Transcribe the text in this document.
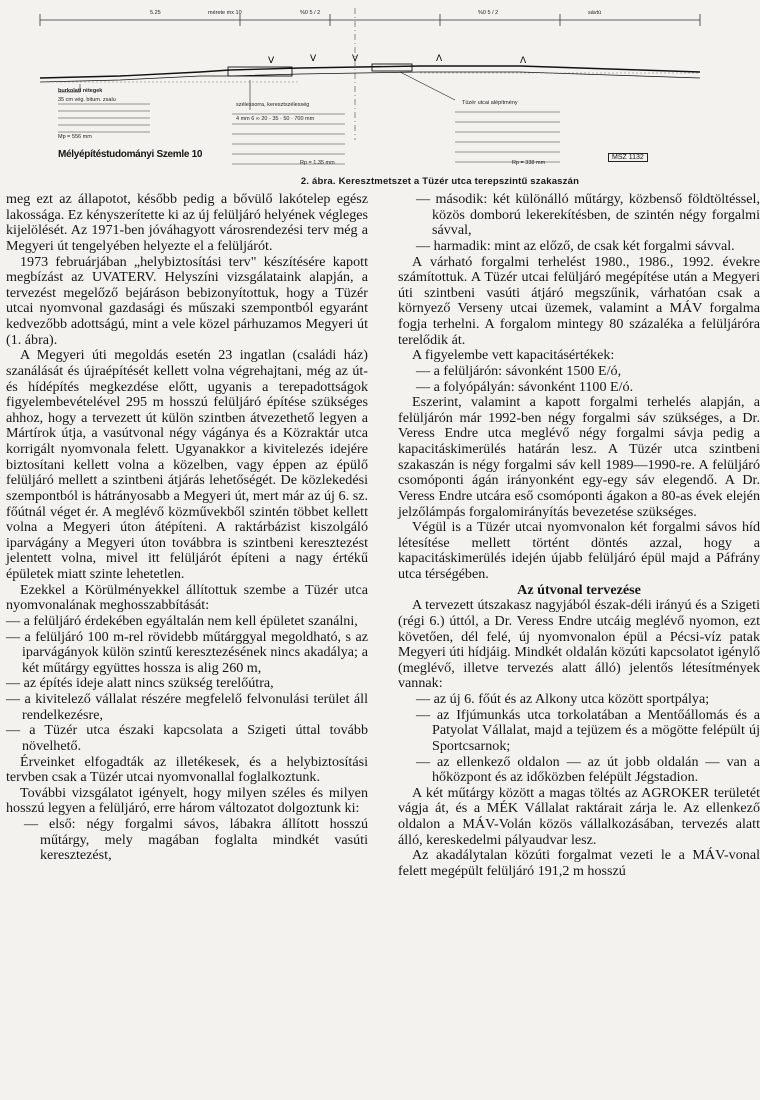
V	V	V	Λ	Λ
5.25	mérete mx 10	%0 5 / 2	%0 5 / 2	sávtú
burkolati rétegek
35 cm vég. bitum. zsalu
szélessorra, keresztszélesség	Tüzér utcai alépítmény
4 mm 6 ∞ 20 - 35 · 50 · 700 mm
Mp = 556 mm
Rp = 1.35 mm	Rp = 338 mm
Mélyépítéstudományi Szemle 10	MSZ 1132
2. ábra. Keresztmetszet a Tüzér utca terepszintű szakaszán

meg ezt az állapotot, később pedig a bővülő lakótelep egész lakossága. Ez kényszerítette ki az új felüljáró helyének végleges kijelölését. Az 1971-ben jóváhagyott városrendezési terv még a Megyeri út tengelyében helyezte el a felüljárót.

1973 februárjában „helybiztosítási terv" készítésére kapott megbízást az UVATERV. Helyszíni vizsgálataink alapján, a tervezést megelőző bejáráson bebizonyítottuk, hogy a Tüzér utcai nyomvonal gazdasági és műszaki szempontból egyaránt kedvezőbb adottságú, mint a vele közel párhuzamos Megyeri út (1. ábra).

A Megyeri úti megoldás esetén 23 ingatlan (családi ház) szanálását és újraépítését kellett volna végrehajtani, még az út- és hídépítés megkezdése előtt, ugyanis a terepadottságok figyelembevételével 295 m hosszú felüljáró építése szükséges ahhoz, hogy a tervezett út külön szintben átvezethető legyen a Mártírok útja, a vasútvonal négy vágánya és a Közraktár utca korrigált nyomvonala felett. Ugyanakkor a kivitelezés idejére biztosítani kellett volna a közelben, vagy éppen az épülő felüljáró mellett a szintbeni átjárás lehetőségét. De közlekedési szempontból is hátrányosabb a Megyeri út, mert már az új 6. sz. főútnál véget ér. A meglévő közművekből szintén többet kellett volna a Megyeri úton átépíteni. A raktárbázist kiszolgáló iparvágány a Megyeri úton továbbra is szintbeni keresztezést jelentett volna, mivel itt felüljárót építeni a nagy értékű épületek miatt szinte lehetetlen.

Ezekkel a Körülményekkel állítottuk szembe a Tüzér utca nyomvonalának meghosszabbítását:

— a felüljáró érdekében egyáltalán nem kell épületet szanálni,

— a felüljáró 100 m-rel rövidebb műtárggyal megoldható, s az iparvágányok külön szintű keresztezésének nincs akadálya; a két műtárgy együttes hossza is alig 260 m,

— az építés ideje alatt nincs szükség terelőútra,

— a kivitelező vállalat részére megfelelő felvonulási terület áll rendelkezésre,

— a Tüzér utca északi kapcsolata a Szigeti úttal tovább növelhető.

Érveinket elfogadták az illetékesek, és a helybiztosítási tervben csak a Tüzér utcai nyomvonallal foglalkoztunk.

További vizsgálatot igényelt, hogy milyen széles és milyen hosszú legyen a felüljáró, erre három változatot dolgoztunk ki:

— első: négy forgalmi sávos, lábakra állított hosszú műtárgy, mely magában foglalta mindkét vasúti keresztezést,

— második: két különálló műtárgy, közbenső földtöltéssel, közös domború lekerekítésben, de szintén négy forgalmi sávval,

— harmadik: mint az előző, de csak két forgalmi sávval.

A várható forgalmi terhelést 1980., 1986., 1992. évekre számítottuk. A Tüzér utcai felüljáró megépítése után a Megyeri úti szintbeni vasúti átjáró megszűnik, várhatóan csak a környező Verseny utcai üzemek, valamint a MÁV forgalma fogja terhelni. A forgalom mintegy 80 százaléka a felüljáróra terelődik át.

A figyelembe vett kapacitásértékek:

— a felüljárón: sávonként 1500 E/ó,

— a folyópályán: sávonként 1100 E/ó.

Eszerint, valamint a kapott forgalmi terhelés alapján, a felüljárón már 1992-ben négy forgalmi sáv szükséges, a Dr. Veress Endre utca meglévő négy forgalmi sávja pedig a kapacitáskimerülés határán lesz. A Tüzér utca szintbeni szakaszán is négy forgalmi sáv kell 1989—1990-re. A felüljáró csomóponti ágán irányonként egy-egy sáv elegendő. A Dr. Veress Endre utcára eső csomóponti ágakon a 80-as évek elején jelzőlámpás forgalomirányítás bevezetése szükséges.

Végül is a Tüzér utcai nyomvonalon két forgalmi sávos híd létesítése mellett történt döntés azzal, hogy a kapacitáskimerülés idején újabb felüljáró épül majd a Páfrány utca térségében.

Az útvonal tervezése

A tervezett útszakasz nagyjából észak-déli irányú és a Szigeti (régi 6.) úttól, a Dr. Veress Endre utcáig meglévő nyomon, ezt követően, dél felé, új nyomvonalon épül a Pécsi-víz patak Megyeri úti hídjáig. Mindkét oldalán közúti kapcsolatot igénylő (meglévő, illetve tervezés alatt álló) jelentős létesítmények vannak:

— az új 6. főút és az Alkony utca között sportpálya;

— az Ifjúmunkás utca torkolatában a Mentőállomás és a Patyolat Vállalat, majd a tejüzem és a mögötte felépült új Sportcsarnok;

— az ellenkező oldalon — az út jobb oldalán — van a hőközpont és az időközben felépült Jégstadion.

A két műtárgy között a magas töltés az AGROKER területét vágja át, és a MÉK Vállalat raktárait zárja le. Az ellenkező oldalon a MÁV-Volán közös vállalkozásában, tervezés alatt álló, kereskedelmi pályaudvar lesz.

Az akadálytalan közúti forgalmat vezeti le a MÁV-vonal felett megépült felüljáró 191,2 m hosszú
